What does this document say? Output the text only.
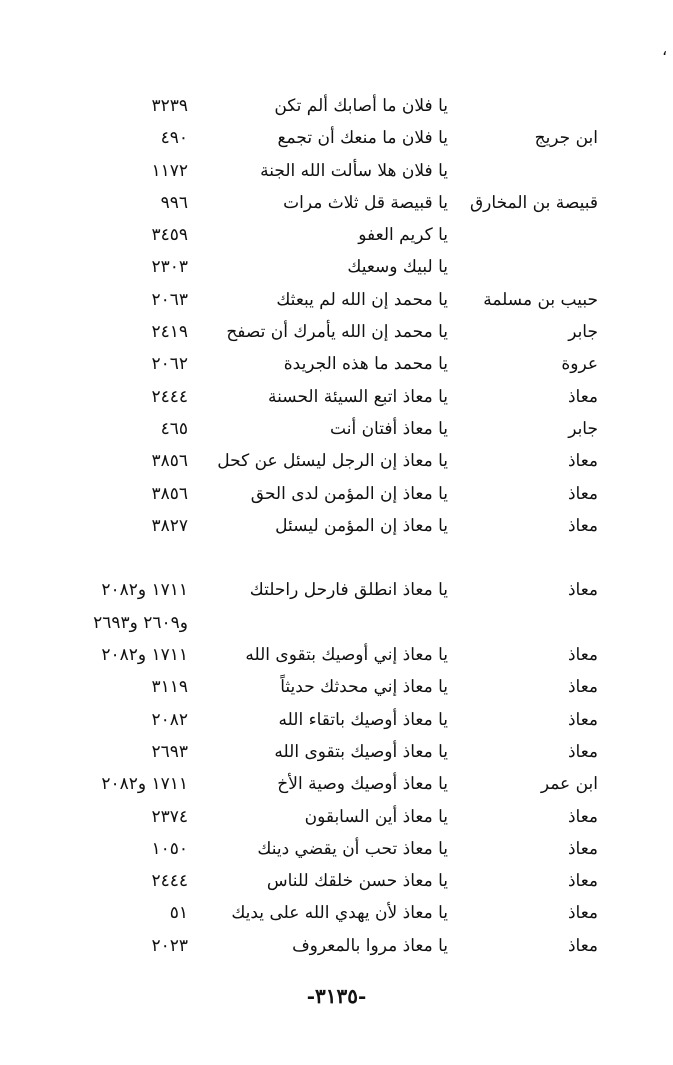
،
يا فلان ما أصابك ألم تكن
٣٢٣٩
ابن جريج
يا فلان ما منعك أن تجمع
٤٩٠
يا فلان هلا سألت الله الجنة
١١٧٢
قبيصة بن المخارق
يا قبيصة قل ثلاث مرات
٩٩٦
يا كريم العفو
٣٤٥٩
يا لبيك وسعيك
٢٣٠٣
حبيب بن مسلمة
يا محمد إن الله لم يبعثك
٢٠٦٣
جابر
يا محمد إن الله يأمرك أن تصفح
٢٤١٩
عروة
يا محمد ما هذه الجريدة
٢٠٦٢
معاذ
يا معاذ اتبع السيئة الحسنة
٢٤٤٤
جابر
يا معاذ أفتان أنت
٤٦٥
معاذ
يا معاذ إن الرجل ليسئل عن كحل
٣٨٥٦
معاذ
يا معاذ إن المؤمن لدى الحق
٣٨٥٦
معاذ
يا معاذ إن المؤمن ليسئل
٣٨٢٧
معاذ
يا معاذ انطلق فارحل راحلتك
١٧١١ و٢٠٨٢
و٢٦٠٩ و٢٦٩٣
معاذ
يا معاذ إني أوصيك بتقوى الله
١٧١١ و٢٠٨٢
معاذ
يا معاذ إني محدثك حديثاً
٣١١٩
معاذ
يا معاذ أوصيك باتقاء الله
٢٠٨٢
معاذ
يا معاذ أوصيك بتقوى الله
٢٦٩٣
ابن عمر
يا معاذ أوصيك وصية الأخ
١٧١١ و٢٠٨٢
معاذ
يا معاذ أين السابقون
٢٣٧٤
معاذ
يا معاذ تحب أن يقضي دينك
١٠٥٠
معاذ
يا معاذ حسن خلقك للناس
٢٤٤٤
معاذ
يا معاذ لأن يهدي الله على يديك
٥١
معاذ
يا معاذ مروا بالمعروف
٢٠٢٣
-٣١٣٥-
